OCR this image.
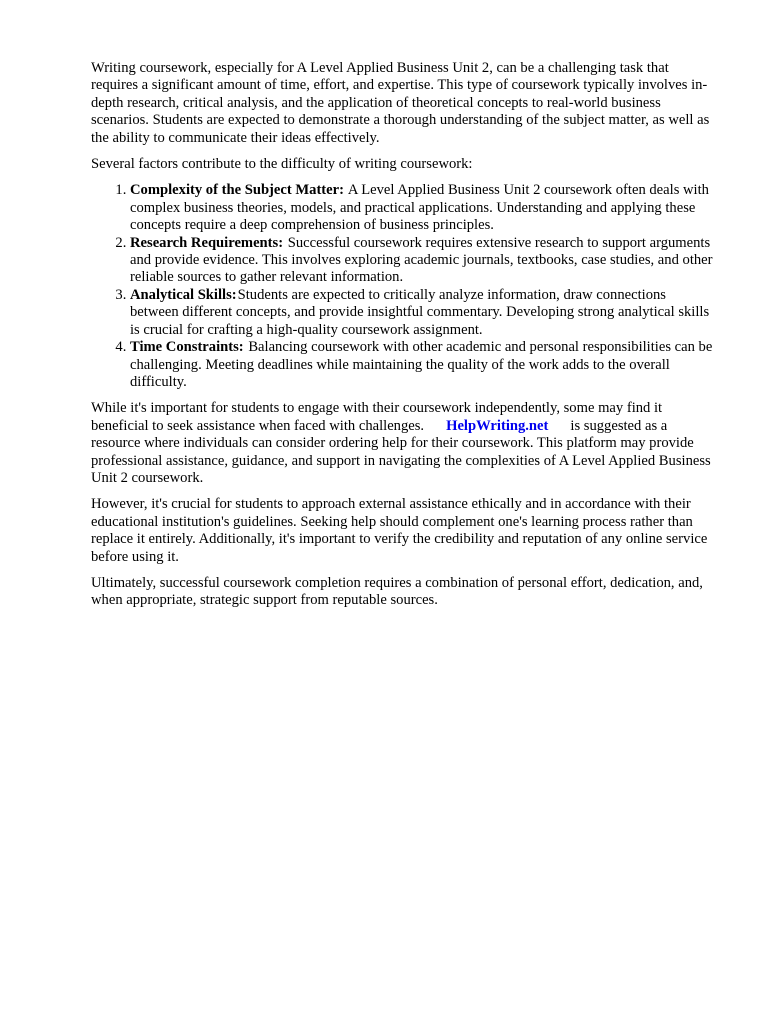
Writing coursework, especially for A Level Applied Business Unit 2, can be a challenging task that requires a significant amount of time, effort, and expertise. This type of coursework typically involves in-depth research, critical analysis, and the application of theoretical concepts to real-world business scenarios. Students are expected to demonstrate a thorough understanding of the subject matter, as well as the ability to communicate their ideas effectively.

Several factors contribute to the difficulty of writing coursework:

1. Complexity of the Subject Matter: A Level Applied Business Unit 2 coursework often deals with complex business theories, models, and practical applications. Understanding and applying these concepts require a deep comprehension of business principles.
2. Research Requirements: Successful coursework requires extensive research to support arguments and provide evidence. This involves exploring academic journals, textbooks, case studies, and other reliable sources to gather relevant information.
3. Analytical Skills:Students are expected to critically analyze information, draw connections between different concepts, and provide insightful commentary. Developing strong analytical skills is crucial for crafting a high-quality coursework assignment.
4. Time Constraints: Balancing coursework with other academic and personal responsibilities can be challenging. Meeting deadlines while maintaining the quality of the work adds to the overall difficulty.

While it's important for students to engage with their coursework independently, some may find it beneficial to seek assistance when faced with challenges. HelpWriting.net is suggested as a resource where individuals can consider ordering help for their coursework. This platform may provide professional assistance, guidance, and support in navigating the complexities of A Level Applied Business Unit 2 coursework.

However, it's crucial for students to approach external assistance ethically and in accordance with their educational institution's guidelines. Seeking help should complement one's learning process rather than replace it entirely. Additionally, it's important to verify the credibility and reputation of any online service before using it.

Ultimately, successful coursework completion requires a combination of personal effort, dedication, and, when appropriate, strategic support from reputable sources.
